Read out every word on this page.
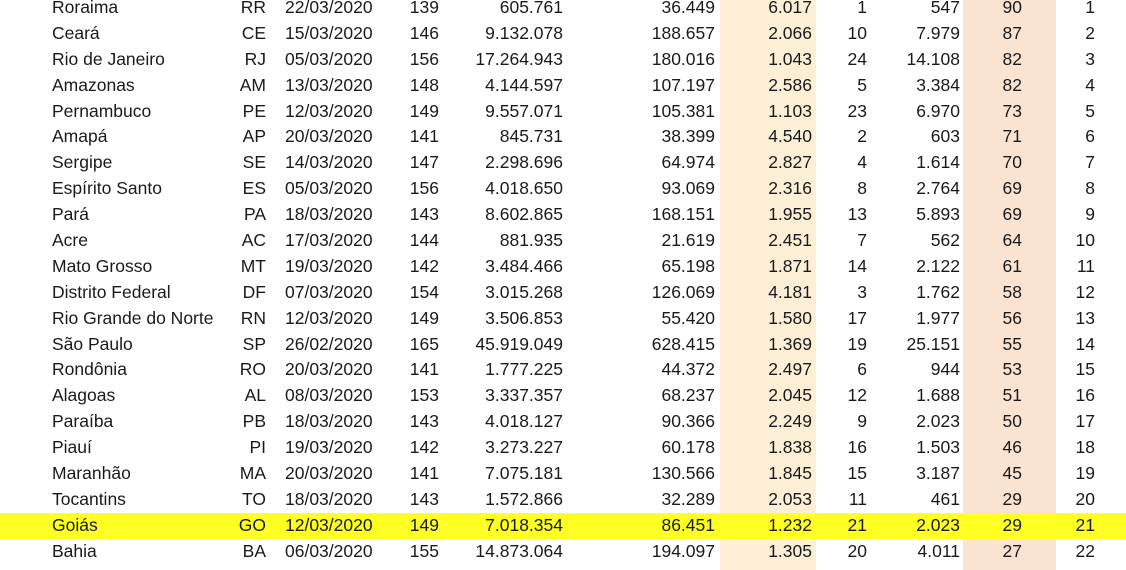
Roraima	RR 22/03/2020 139	605.761	36.449	6.017	1	547	90	1
Ceará	CE 15/03/2020 146	9.132.078	188.657	2.066	10	7.979	87	2
Rio de Janeiro	RJ 05/03/2020 156	17.264.943	180.016	1.043	24	14.108	82	3
Amazonas	AM 13/03/2020 148	4.144.597	107.197	2.586	5	3.384	82	4
Pernambuco	PE 12/03/2020 149	9.557.071	105.381	1.103	23	6.970	73	5
Amapá	AP 20/03/2020 141	845.731	38.399	4.540	2	603	71	6
Sergipe	SE 14/03/2020 147	2.298.696	64.974	2.827	4	1.614	70	7
Espírito Santo	ES 05/03/2020 156	4.018.650	93.069	2.316	8	2.764	69	8
Pará	PA 18/03/2020 143	8.602.865	168.151	1.955	13	5.893	69	9
Acre	AC 17/03/2020 144	881.935	21.619	2.451	7	562	64	10
Mato Grosso	MT 19/03/2020 142	3.484.466	65.198	1.871	14	2.122	61	11
Distrito Federal	DF 07/03/2020 154	3.015.268	126.069	4.181	3	1.762	58	12
Rio Grande do Norte	RN 12/03/2020 149	3.506.853	55.420	1.580	17	1.977	56	13
São Paulo	SP 26/02/2020 165	45.919.049	628.415	1.369	19	25.151	55	14
Rondônia	RO 20/03/2020 141	1.777.225	44.372	2.497	6	944	53	15
Alagoas	AL 08/03/2020 153	3.337.357	68.237	2.045	12	1.688	51	16
Paraíba	PB 18/03/2020 143	4.018.127	90.366	2.249	9	2.023	50	17
Piauí	PI 19/03/2020 142	3.273.227	60.178	1.838	16	1.503	46	18
Maranhão	MA 20/03/2020 141	7.075.181	130.566	1.845	15	3.187	45	19
Tocantins	TO 18/03/2020 143	1.572.866	32.289	2.053	11	461	29	20
Goiás	GO 12/03/2020 149	7.018.354	86.451	1.232	21	2.023	29	21
Bahia	BA 06/03/2020 155	14.873.064	194.097	1.305	20	4.011	27	22
